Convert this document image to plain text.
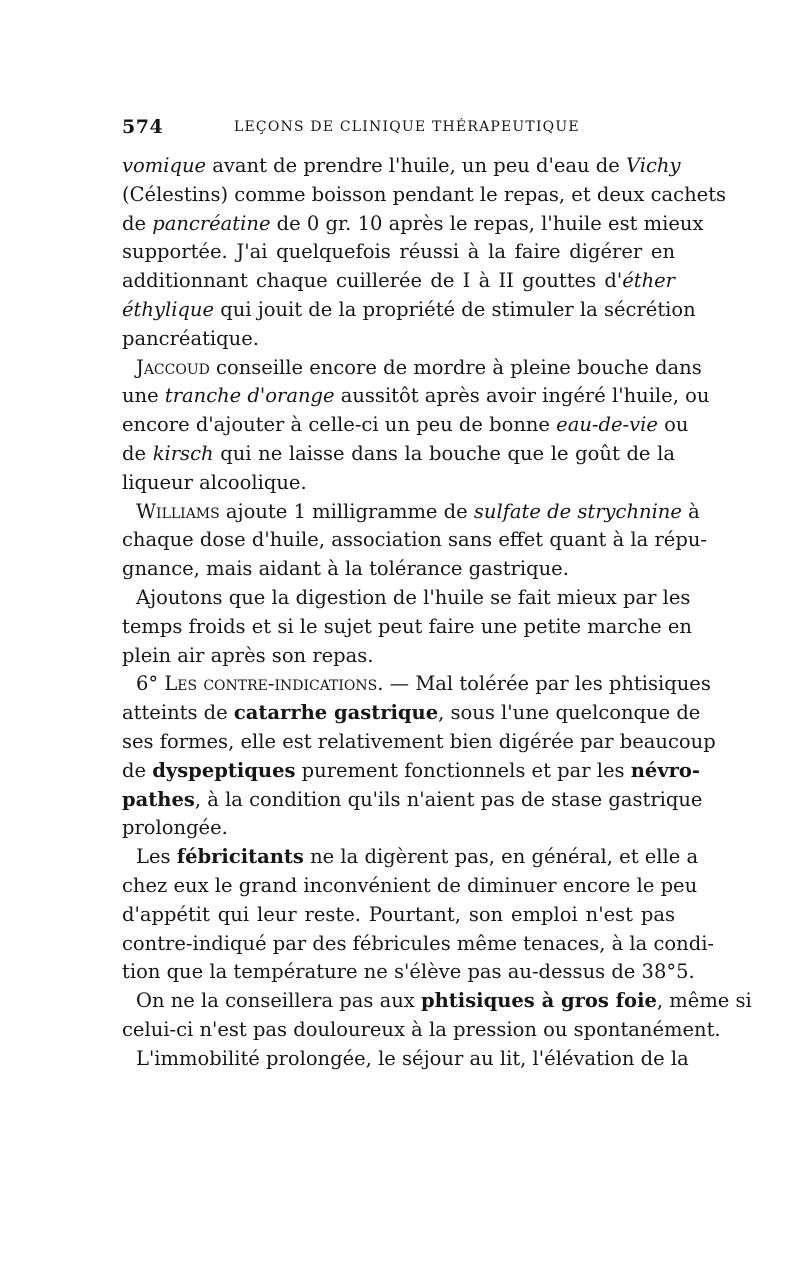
574	LEÇONS DE CLINIQUE THÉRAPEUTIQUE
vomique avant de prendre l'huile, un peu d'eau de Vichy
(Célestins) comme boisson pendant le repas, et deux cachets
de pancréatine de 0 gr. 10 après le repas, l'huile est mieux
supportée. J'ai quelquefois réussi à la faire digérer en
additionnant chaque cuillerée de I à II gouttes d'éther
éthylique qui jouit de la propriété de stimuler la sécrétion
pancréatique.
Jaccoud conseille encore de mordre à pleine bouche dans
une tranche d'orange aussitôt après avoir ingéré l'huile, ou
encore d'ajouter à celle-ci un peu de bonne eau-de-vie ou
de kirsch qui ne laisse dans la bouche que le goût de la
liqueur alcoolique.
Williams ajoute 1 milligramme de sulfate de strychnine à
chaque dose d'huile, association sans effet quant à la répu-
gnance, mais aidant à la tolérance gastrique.
Ajoutons que la digestion de l'huile se fait mieux par les
temps froids et si le sujet peut faire une petite marche en
plein air après son repas.
6° Les contre-indications. — Mal tolérée par les phtisiques
atteints de catarrhe gastrique, sous l'une quelconque de
ses formes, elle est relativement bien digérée par beaucoup
de dyspeptiques purement fonctionnels et par les névro-
pathes, à la condition qu'ils n'aient pas de stase gastrique
prolongée.
Les fébricitants ne la digèrent pas, en général, et elle a
chez eux le grand inconvénient de diminuer encore le peu
d'appétit qui leur reste. Pourtant, son emploi n'est pas
contre-indiqué par des fébricules même tenaces, à la condi-
tion que la température ne s'élève pas au-dessus de 38°5.
On ne la conseillera pas aux phtisiques à gros foie, même si
celui-ci n'est pas douloureux à la pression ou spontanément.
L'immobilité prolongée, le séjour au lit, l'élévation de la
